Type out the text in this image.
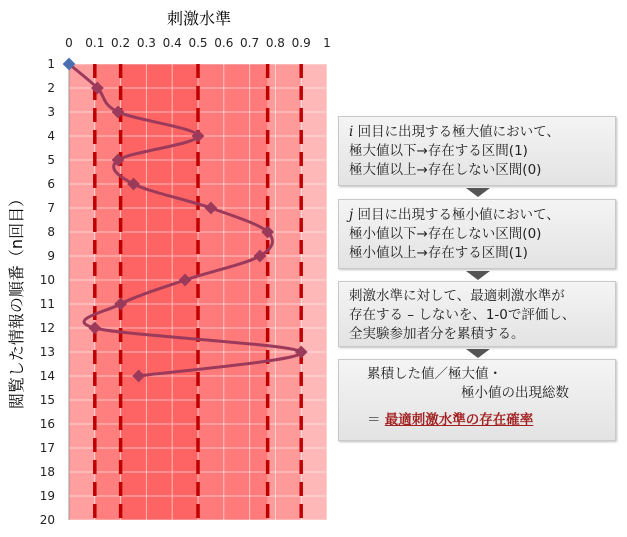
0 0.1 0.2 0.3 0.4 0.5 0.6 0.7 0.8 0.9 1
1
2
3
4
5
6
7
8
9
10
11
12
13
14
15
16
17
18
19
20
刺激水準
閲覧した情報の順番（n回目）

i 回目に出現する極大値において、

極大値以下→存在する区間(1)

極大値以上→存在しない区間(0)

j 回目に出現する極小値において、

極小値以下→存在しない区間(0)

極小値以上→存在する区間(1)

刺激水準に対して、最適刺激水準が

存在する – しないを、1-0で評価し、

全実験参加者分を累積する。

累積した値／極大値・

極小値の出現総数

＝ 最適刺激水準の存在確率
